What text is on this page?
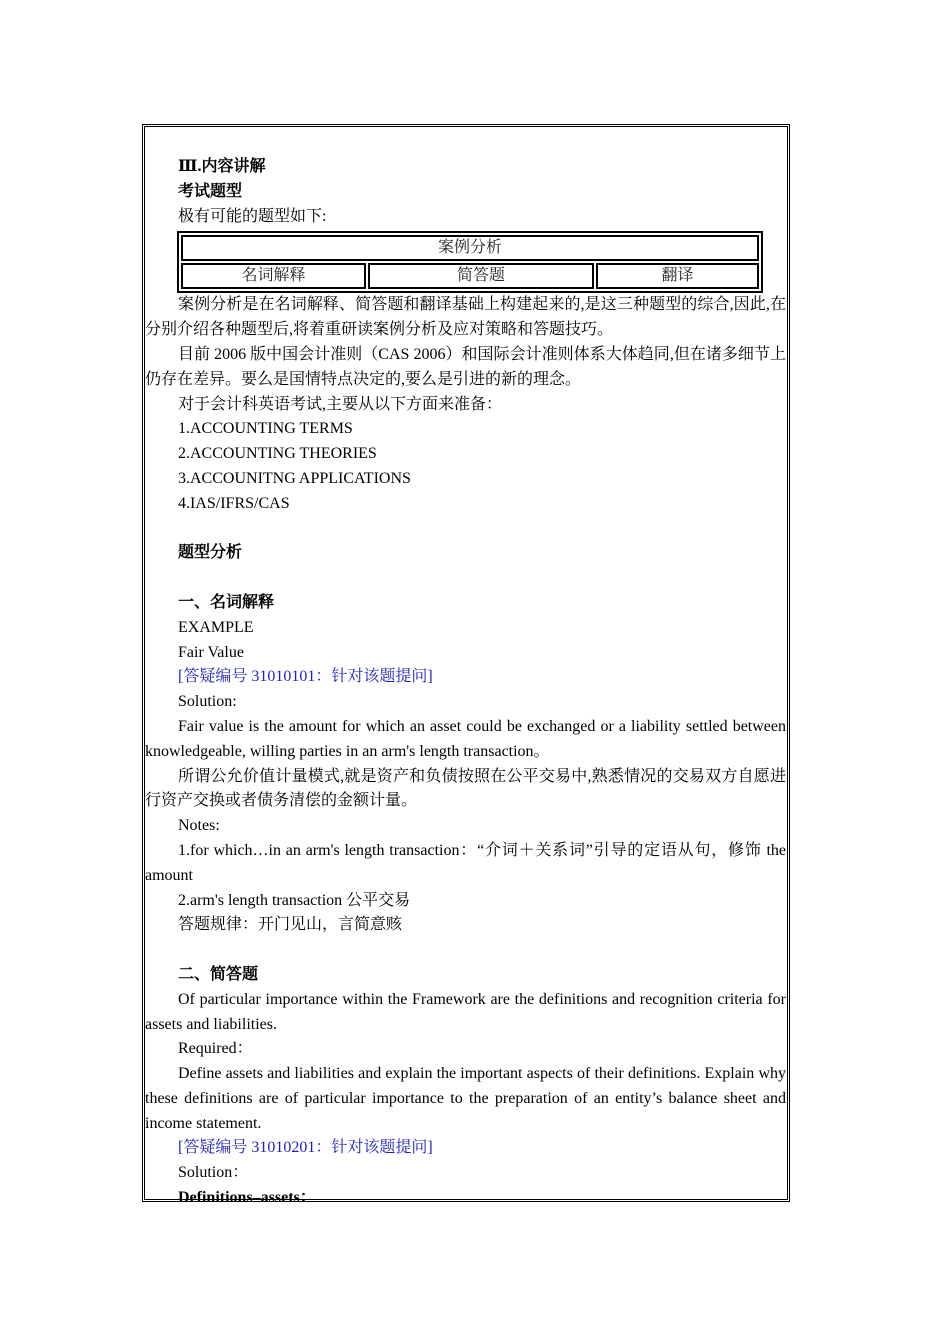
Ⅲ.内容讲解

考试题型

极有可能的题型如下:

案例分析
名词解释	简答题	翻译

案例分析是在名词解释、简答题和翻译基础上构建起来的,是这三种题型的综合,因此,在分别介绍各种题型后,将着重研读案例分析及应对策略和答题技巧。

目前 2006 版中国会计准则（CAS 2006）和国际会计准则体系大体趋同,但在诸多细节上仍存在差异。要么是国情特点决定的,要么是引进的新的理念。

对于会计科英语考试,主要从以下方面来准备：

1.ACCOUNTING TERMS

2.ACCOUNTING THEORIES

3.ACCOUNITNG APPLICATIONS

4.IAS/IFRS/CAS

题型分析

一、名词解释

EXAMPLE

Fair Value

[答疑编号 31010101：针对该题提问]

Solution:

Fair value is the amount for which an asset could be exchanged or a liability settled between knowledgeable, willing parties in an arm's length transaction。

所谓公允价值计量模式,就是资产和负债按照在公平交易中,熟悉情况的交易双方自愿进行资产交换或者债务清偿的金额计量。

Notes:

1.for which…in an arm's length transaction：“介词＋关系词”引导的定语从句，修饰 the amount

2.arm's length transaction 公平交易

答题规律：开门见山，言简意赅

二、简答题

Of particular importance within the Framework are the definitions and recognition criteria for assets and liabilities.

Required：

Define assets and liabilities and explain the important aspects of their definitions. Explain why these definitions are of particular importance to the preparation of an entity’s balance sheet and income statement.

[答疑编号 31010201：针对该题提问]

Solution：

Definitions–assets：
